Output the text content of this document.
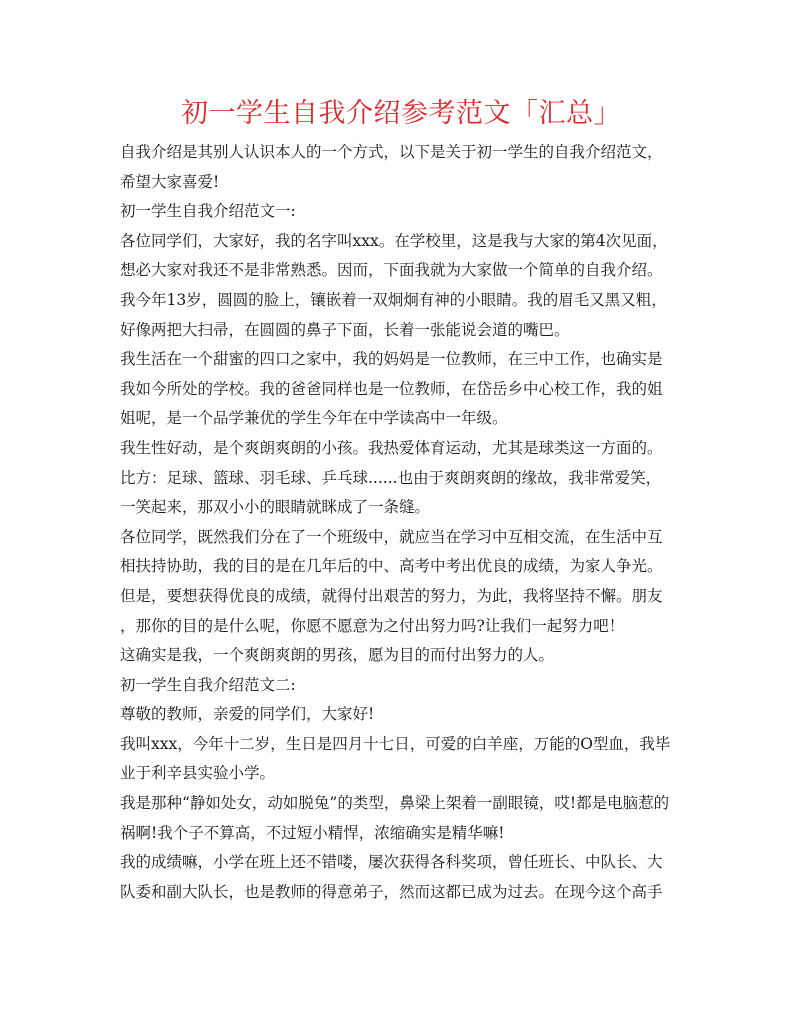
初一学生自我介绍参考范文「汇总」

自我介绍是其别人认识本人的一个方式，以下是关于初一学生的自我介绍范文，
希望大家喜爱!

初一学生自我介绍范文一:

各位同学们，大家好，我的名字叫xxx。在学校里，这是我与大家的第4次见面，
想必大家对我还不是非常熟悉。因而，下面我就为大家做一个简单的自我介绍。

我今年13岁，圆圆的脸上，镶嵌着一双炯炯有神的小眼睛。我的眉毛又黑又粗，
好像两把大扫帚，在圆圆的鼻子下面，长着一张能说会道的嘴巴。

我生活在一个甜蜜的四口之家中，我的妈妈是一位教师，在三中工作，也确实是
我如今所处的学校。我的爸爸同样也是一位教师，在岱岳乡中心校工作，我的姐
姐呢，是一个品学兼优的学生今年在中学读高中一年级。

我生性好动，是个爽朗爽朗的小孩。我热爱体育运动，尤其是球类这一方面的。
比方：足球、篮球、羽毛球、乒乓球......也由于爽朗爽朗的缘故，我非常爱笑，
一笑起来，那双小小的眼睛就眯成了一条缝。

各位同学，既然我们分在了一个班级中，就应当在学习中互相交流，在生活中互
相扶持协助，我的目的是在几年后的中、高考中考出优良的成绩，为家人争光。
但是，要想获得优良的成绩，就得付出艰苦的努力，为此，我将坚持不懈。朋友
，那你的目的是什么呢，你愿不愿意为之付出努力吗?让我们一起努力吧！

这确实是我，一个爽朗爽朗的男孩，愿为目的而付出努力的人。

初一学生自我介绍范文二:

尊敬的教师，亲爱的同学们，大家好!

我叫xxx，今年十二岁，生日是四月十七日，可爱的白羊座，万能的O型血，我毕
业于利辛县实验小学。

我是那种“静如处女，动如脱兔”的类型，鼻梁上架着一副眼镜，哎!都是电脑惹的
祸啊!我个子不算高，不过短小精悍，浓缩确实是精华嘛!

我的成绩嘛，小学在班上还不错喽，屡次获得各科奖项，曾任班长、中队长、大
队委和副大队长，也是教师的得意弟子，然而这都已成为过去。在现今这个高手
